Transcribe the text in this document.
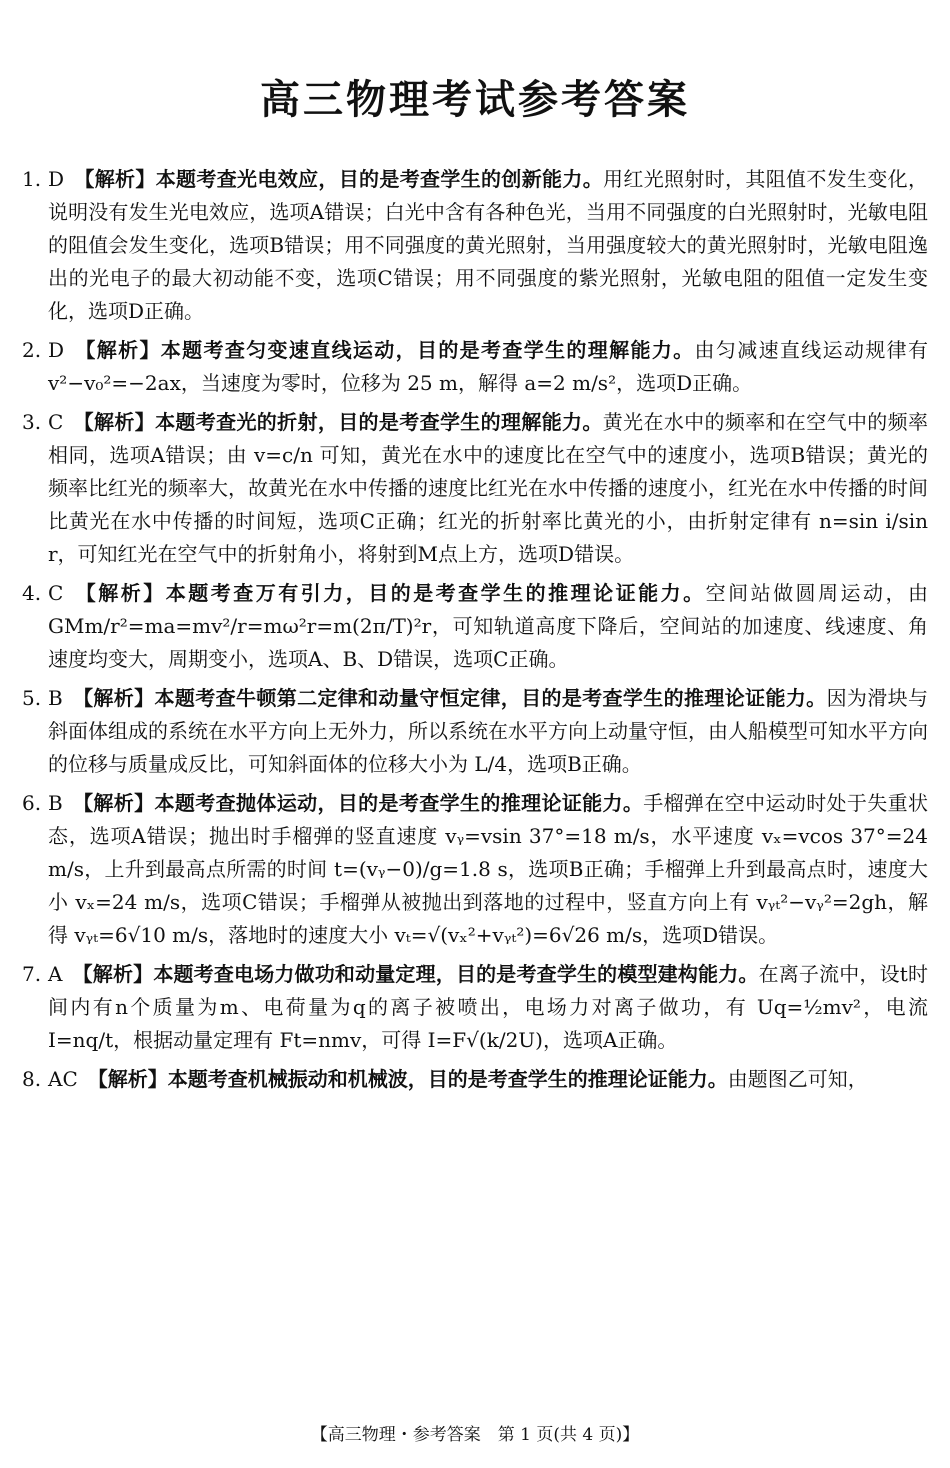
高三物理考试参考答案
1. D 【解析】本题考查光电效应，目的是考查学生的创新能力。用红光照射时，其阻值不发生变化，说明没有发生光电效应，选项A错误；白光中含有各种色光，当用不同强度的白光照射时，光敏电阻的阻值会发生变化，选项B错误；用不同强度的黄光照射，当用强度较大的黄光照射时，光敏电阻逸出的光电子的最大初动能不变，选项C错误；用不同强度的紫光照射，光敏电阻的阻值一定发生变化，选项D正确。
2. D 【解析】本题考查匀变速直线运动，目的是考查学生的理解能力。由匀减速直线运动规律有 v²−v₀²=−2ax，当速度为零时，位移为 25 m，解得 a=2 m/s²，选项D正确。
3. C 【解析】本题考查光的折射，目的是考查学生的理解能力。黄光在水中的频率和在空气中的频率相同，选项A错误；由 v=c/n 可知，黄光在水中的速度比在空气中的速度小，选项B错误；黄光的频率比红光的频率大，故黄光在水中传播的速度比红光在水中传播的速度小，红光在水中传播的时间比黄光在水中传播的时间短，选项C正确；红光的折射率比黄光的小，由折射定律有 n=sin i/sin r，可知红光在空气中的折射角小，将射到M点上方，选项D错误。
4. C 【解析】本题考查万有引力，目的是考查学生的推理论证能力。空间站做圆周运动，由 GMm/r²=ma=mv²/r=mω²r=m(2π/T)²r，可知轨道高度下降后，空间站的加速度、线速度、角速度均变大，周期变小，选项A、B、D错误，选项C正确。
5. B 【解析】本题考查牛顿第二定律和动量守恒定律，目的是考查学生的推理论证能力。因为滑块与斜面体组成的系统在水平方向上无外力，所以系统在水平方向上动量守恒，由人船模型可知水平方向的位移与质量成反比，可知斜面体的位移大小为 L/4，选项B正确。
6. B 【解析】本题考查抛体运动，目的是考查学生的推理论证能力。手榴弹在空中运动时处于失重状态，选项A错误；抛出时手榴弹的竖直速度 vᵧ=vsin 37°=18 m/s，水平速度 vₓ=vcos 37°=24 m/s，上升到最高点所需的时间 t=(vᵧ−0)/g=1.8 s，选项B正确；手榴弹上升到最高点时，速度大小 vₓ=24 m/s，选项C错误；手榴弹从被抛出到落地的过程中，竖直方向上有 vᵧₜ²−vᵧ²=2gh，解得 vᵧₜ=6√10 m/s，落地时的速度大小 vₜ=√(vₓ²+vᵧₜ²)=6√26 m/s，选项D错误。
7. A 【解析】本题考查电场力做功和动量定理，目的是考查学生的模型建构能力。在离子流中，设t时间内有n个质量为m、电荷量为q的离子被喷出，电场力对离子做功，有 Uq=½mv²，电流 I=nq/t，根据动量定理有 Ft=nmv，可得 I=F√(k/2U)，选项A正确。
8. AC 【解析】本题考查机械振动和机械波，目的是考查学生的推理论证能力。由题图乙可知，
【高三物理・参考答案　第 1 页(共 4 页)】
